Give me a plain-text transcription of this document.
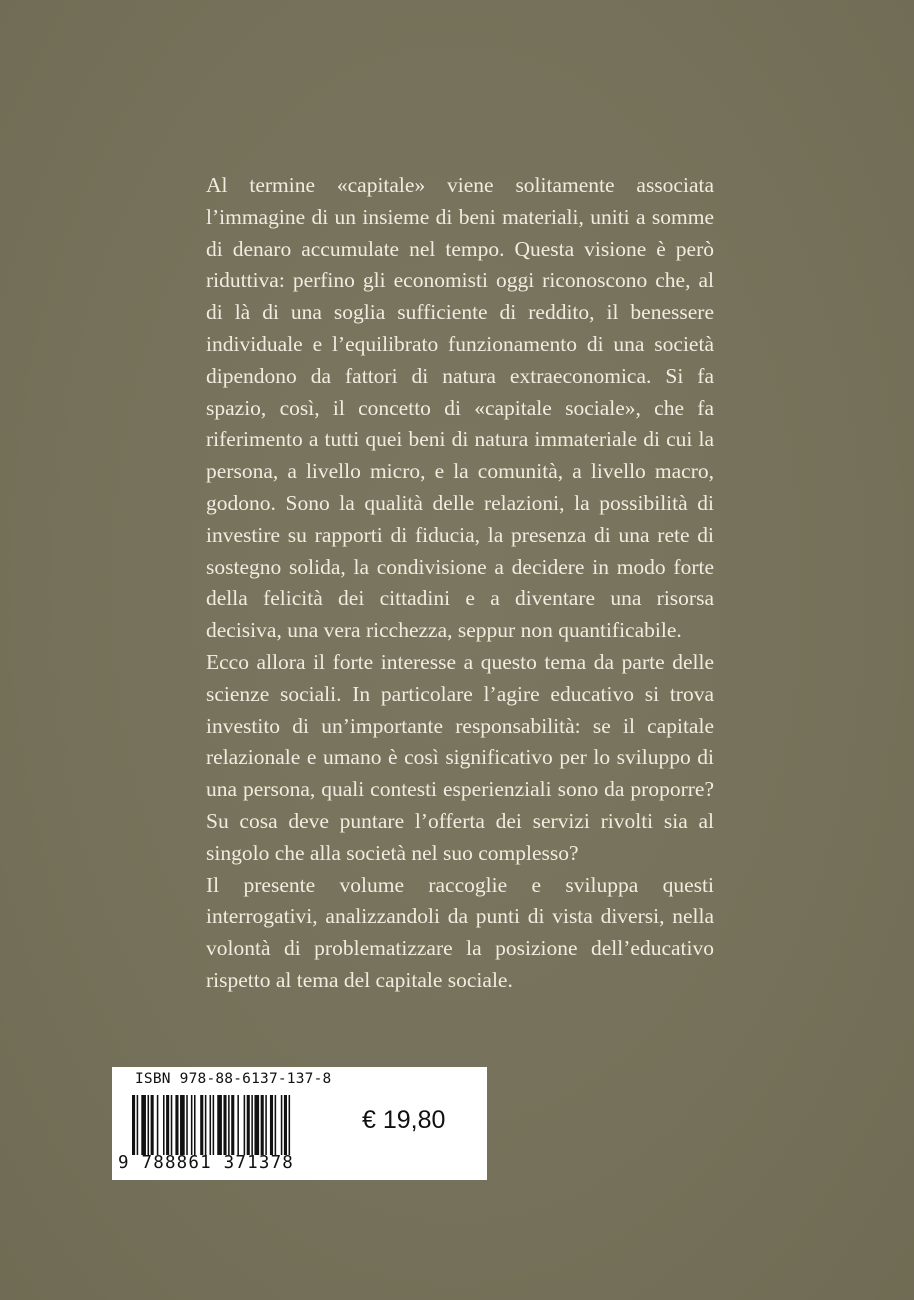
Al termine «capitale» viene solitamente associata l’immagine di un insieme di beni materiali, uniti a somme di denaro accumulate nel tempo. Questa visione è però riduttiva: perfino gli economisti oggi riconoscono che, al di là di una soglia sufficiente di reddito, il benessere individuale e l’equilibrato funzionamento di una società dipendono da fattori di natura extraeconomica. Si fa spazio, così, il concetto di «capitale sociale», che fa riferimento a tutti quei beni di natura immateriale di cui la persona, a livello micro, e la comunità, a livello macro, godono. Sono la qualità delle relazioni, la possibilità di investire su rapporti di fiducia, la presenza di una rete di sostegno solida, la condivisione a decidere in modo forte della felicità dei cittadini e a diventare una risorsa decisiva, una vera ricchezza, seppur non quantificabile.

Ecco allora il forte interesse a questo tema da parte delle scienze sociali. In particolare l’agire educativo si trova investito di un’importante responsabilità: se il capitale relazionale e umano è così significativo per lo sviluppo di una persona, quali contesti esperienziali sono da proporre? Su cosa deve puntare l’offerta dei servizi rivolti sia al singolo che alla società nel suo complesso?

Il presente volume raccoglie e sviluppa questi interrogativi, analizzandoli da punti di vista diversi, nella volontà di problematizzare la posizione dell’educativo rispetto al tema del capitale sociale.

ISBN 978-88-6137-137-8
9 788861 371378
€ 19,80
